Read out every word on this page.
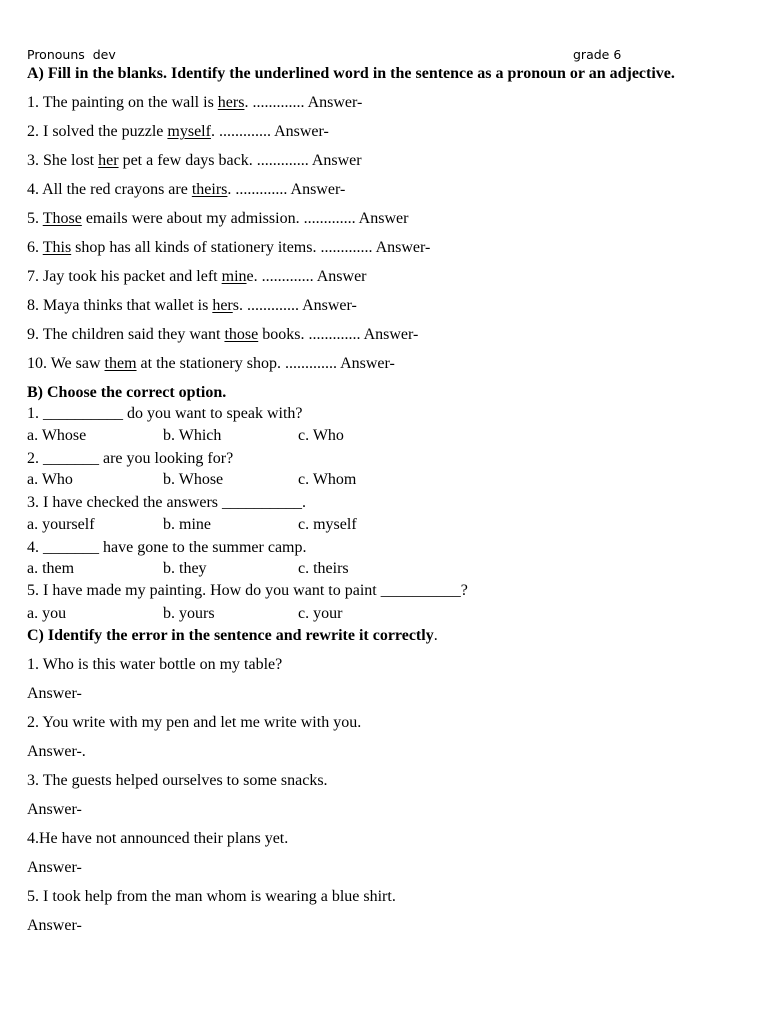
Pronouns  dev	grade 6
A) Fill in the blanks. Identify the underlined word in the sentence as a pronoun or an adjective.
1. The painting on the wall is hers. ............. Answer-
2. I solved the puzzle myself. ............. Answer-
3. She lost her pet a few days back. ............. Answer
4. All the red crayons are theirs. ............. Answer-
5. Those emails were about my admission. ............. Answer
6. This shop has all kinds of stationery items. ............. Answer-
7. Jay took his packet and left mine. ............. Answer
8. Maya thinks that wallet is hers. ............. Answer-
9. The children said they want those books. ............. Answer-
10. We saw them at the stationery shop. ............. Answer-
B) Choose the correct option.
1. __________ do you want to speak with?
a. Whose	b. Which	c. Who
2. _______ are you looking for?
a. Who	b. Whose	c. Whom
3. I have checked the answers __________.
a. yourself	b. mine	c. myself
4. _______ have gone to the summer camp.
a. them	b. they	c. theirs
5. I have made my painting. How do you want to paint __________?
a. you	b. yours	c. your
C) Identify the error in the sentence and rewrite it correctly.
1. Who is this water bottle on my table?
Answer-
2. You write with my pen and let me write with you.
Answer-.
3. The guests helped ourselves to some snacks.
Answer-
4.He have not announced their plans yet.
Answer-
5. I took help from the man whom is wearing a blue shirt.
Answer-
